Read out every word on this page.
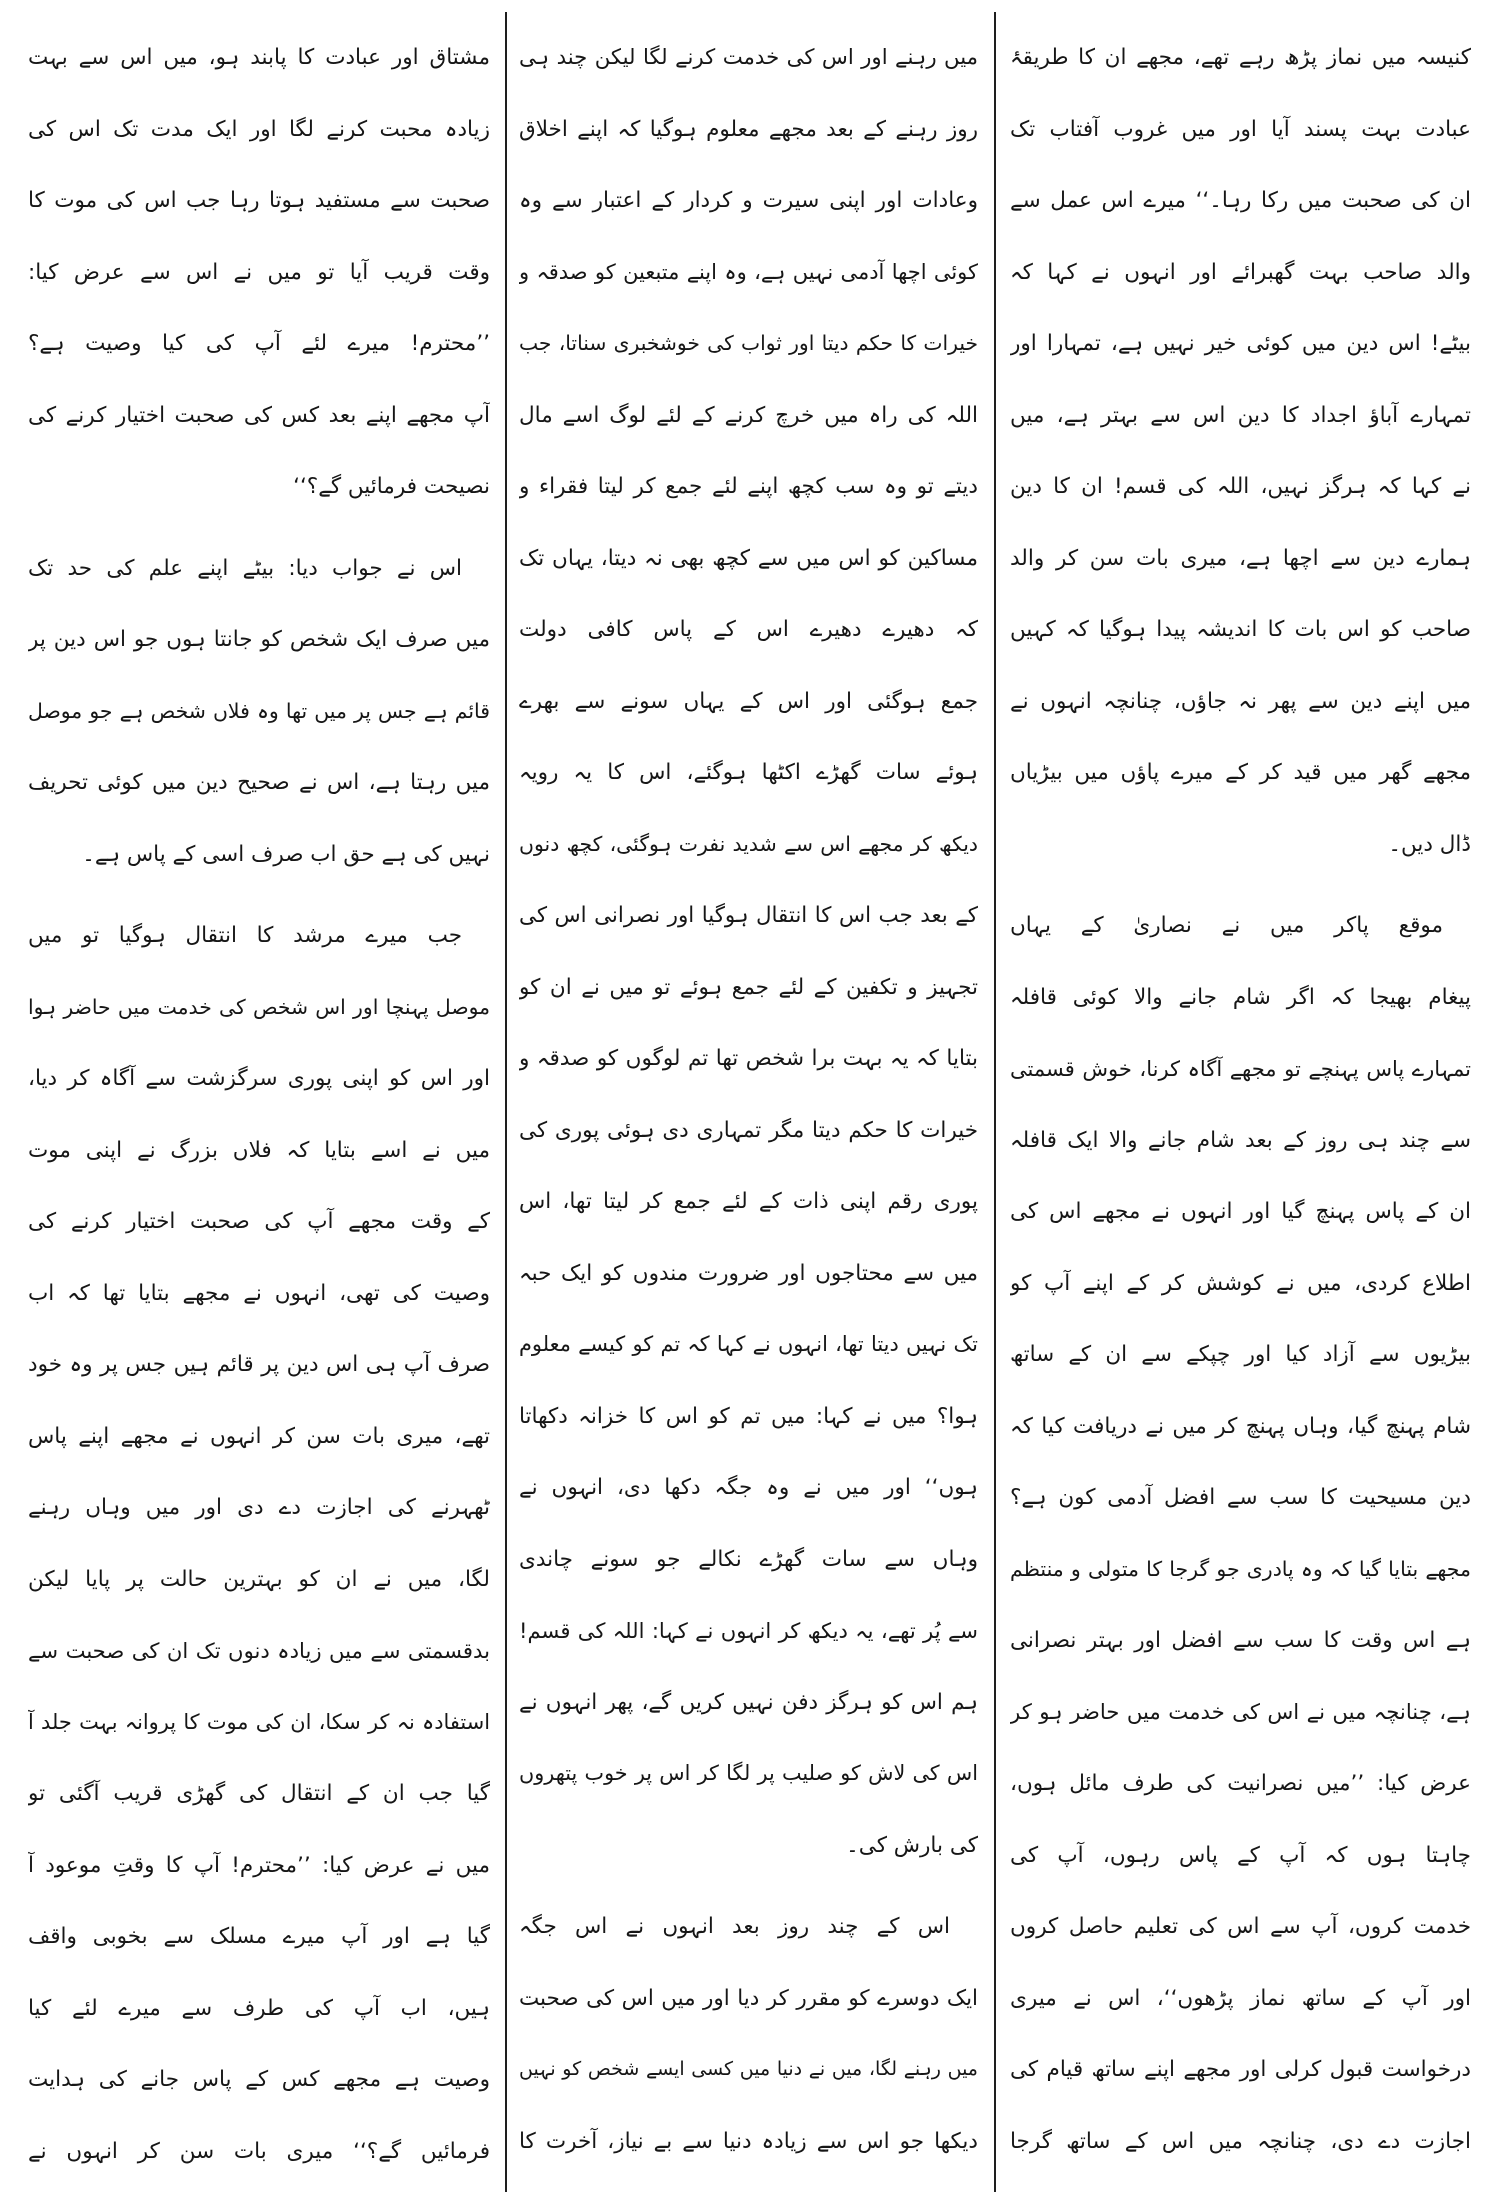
کنیسہ میں نماز پڑھ رہے تھے، مجھے ان کا طریقۂ
عبادت بہت پسند آیا اور میں غروب آفتاب تک
ان کی صحبت میں رکا رہا۔‘‘ میرے اس عمل سے
والد صاحب بہت گھبرائے اور انہوں نے کہا کہ
بیٹے! اس دین میں کوئی خیر نہیں ہے، تمہارا اور
تمہارے آباؤ اجداد کا دین اس سے بہتر ہے، میں
نے کہا کہ ہرگز نہیں، اللہ کی قسم! ان کا دین
ہمارے دین سے اچھا ہے، میری بات سن کر والد
صاحب کو اس بات کا اندیشہ پیدا ہوگیا کہ کہیں
میں اپنے دین سے پھر نہ جاؤں، چنانچہ انہوں نے
مجھے گھر میں قید کر کے میرے پاؤں میں بیڑیاں
ڈال دیں۔
موقع پاکر میں نے نصاریٰ کے یہاں
پیغام بھیجا کہ اگر شام جانے والا کوئی قافلہ
تمہارے پاس پہنچے تو مجھے آگاہ کرنا، خوش قسمتی
سے چند ہی روز کے بعد شام جانے والا ایک قافلہ
ان کے پاس پہنچ گیا اور انہوں نے مجھے اس کی
اطلاع کردی، میں نے کوشش کر کے اپنے آپ کو
بیڑیوں سے آزاد کیا اور چپکے سے ان کے ساتھ
شام پہنچ گیا، وہاں پہنچ کر میں نے دریافت کیا کہ
دین مسیحیت کا سب سے افضل آدمی کون ہے؟
مجھے بتایا گیا کہ وہ پادری جو گرجا کا متولی و منتظم
ہے اس وقت کا سب سے افضل اور بہتر نصرانی
ہے، چنانچہ میں نے اس کی خدمت میں حاضر ہو کر
عرض کیا: ’’میں نصرانیت کی طرف مائل ہوں،
چاہتا ہوں کہ آپ کے پاس رہوں، آپ کی
خدمت کروں، آپ سے اس کی تعلیم حاصل کروں
اور آپ کے ساتھ نماز پڑھوں‘‘، اس نے میری
درخواست قبول کرلی اور مجھے اپنے ساتھ قیام کی
اجازت دے دی، چنانچہ میں اس کے ساتھ گرجا
میں رہنے اور اس کی خدمت کرنے لگا لیکن چند ہی
روز رہنے کے بعد مجھے معلوم ہوگیا کہ اپنے اخلاق
وعادات اور اپنی سیرت و کردار کے اعتبار سے وہ
کوئی اچھا آدمی نہیں ہے، وہ اپنے متبعین کو صدقہ و
خیرات کا حکم دیتا اور ثواب کی خوشخبری سناتا، جب
اللہ کی راہ میں خرچ کرنے کے لئے لوگ اسے مال
دیتے تو وہ سب کچھ اپنے لئے جمع کر لیتا فقراء و
مساکین کو اس میں سے کچھ بھی نہ دیتا، یہاں تک
کہ دھیرے دھیرے اس کے پاس کافی دولت
جمع ہوگئی اور اس کے یہاں سونے سے بھرے
ہوئے سات گھڑے اکٹھا ہوگئے، اس کا یہ رویہ
دیکھ کر مجھے اس سے شدید نفرت ہوگئی، کچھ دنوں
کے بعد جب اس کا انتقال ہوگیا اور نصرانی اس کی
تجہیز و تکفین کے لئے جمع ہوئے تو میں نے ان کو
بتایا کہ یہ بہت برا شخص تھا تم لوگوں کو صدقہ و
خیرات کا حکم دیتا مگر تمہاری دی ہوئی پوری کی
پوری رقم اپنی ذات کے لئے جمع کر لیتا تھا، اس
میں سے محتاجوں اور ضرورت مندوں کو ایک حبہ
تک نہیں دیتا تھا، انہوں نے کہا کہ تم کو کیسے معلوم
ہوا؟ میں نے کہا: میں تم کو اس کا خزانہ دکھاتا
ہوں‘‘ اور میں نے وہ جگہ دکھا دی، انہوں نے
وہاں سے سات گھڑے نکالے جو سونے چاندی
سے پُر تھے، یہ دیکھ کر انہوں نے کہا: اللہ کی قسم!
ہم اس کو ہرگز دفن نہیں کریں گے، پھر انہوں نے
اس کی لاش کو صلیب پر لگا کر اس پر خوب پتھروں
کی بارش کی۔
اس کے چند روز بعد انہوں نے اس جگہ
ایک دوسرے کو مقرر کر دیا اور میں اس کی صحبت
میں رہنے لگا، میں نے دنیا میں کسی ایسے شخص کو نہیں
دیکھا جو اس سے زیادہ دنیا سے بے نیاز، آخرت کا
مشتاق اور عبادت کا پابند ہو، میں اس سے بہت
زیادہ محبت کرنے لگا اور ایک مدت تک اس کی
صحبت سے مستفید ہوتا رہا جب اس کی موت کا
وقت قریب آیا تو میں نے اس سے عرض کیا:
’’محترم! میرے لئے آپ کی کیا وصیت ہے؟
آپ مجھے اپنے بعد کس کی صحبت اختیار کرنے کی
نصیحت فرمائیں گے؟‘‘
اس نے جواب دیا: بیٹے اپنے علم کی حد تک
میں صرف ایک شخص کو جانتا ہوں جو اس دین پر
قائم ہے جس پر میں تھا وہ فلاں شخص ہے جو موصل
میں رہتا ہے، اس نے صحیح دین میں کوئی تحریف
نہیں کی ہے حق اب صرف اسی کے پاس ہے۔
جب میرے مرشد کا انتقال ہوگیا تو میں
موصل پہنچا اور اس شخص کی خدمت میں حاضر ہوا
اور اس کو اپنی پوری سرگزشت سے آگاہ کر دیا،
میں نے اسے بتایا کہ فلاں بزرگ نے اپنی موت
کے وقت مجھے آپ کی صحبت اختیار کرنے کی
وصیت کی تھی، انہوں نے مجھے بتایا تھا کہ اب
صرف آپ ہی اس دین پر قائم ہیں جس پر وہ خود
تھے، میری بات سن کر انہوں نے مجھے اپنے پاس
ٹھہرنے کی اجازت دے دی اور میں وہاں رہنے
لگا، میں نے ان کو بہترین حالت پر پایا لیکن
بدقسمتی سے میں زیادہ دنوں تک ان کی صحبت سے
استفادہ نہ کر سکا، ان کی موت کا پروانہ بہت جلد آ
گیا جب ان کے انتقال کی گھڑی قریب آگئی تو
میں نے عرض کیا: ’’محترم! آپ کا وقتِ موعود آ
گیا ہے اور آپ میرے مسلک سے بخوبی واقف
ہیں، اب آپ کی طرف سے میرے لئے کیا
وصیت ہے مجھے کس کے پاس جانے کی ہدایت
فرمائیں گے؟‘‘ میری بات سن کر انہوں نے
